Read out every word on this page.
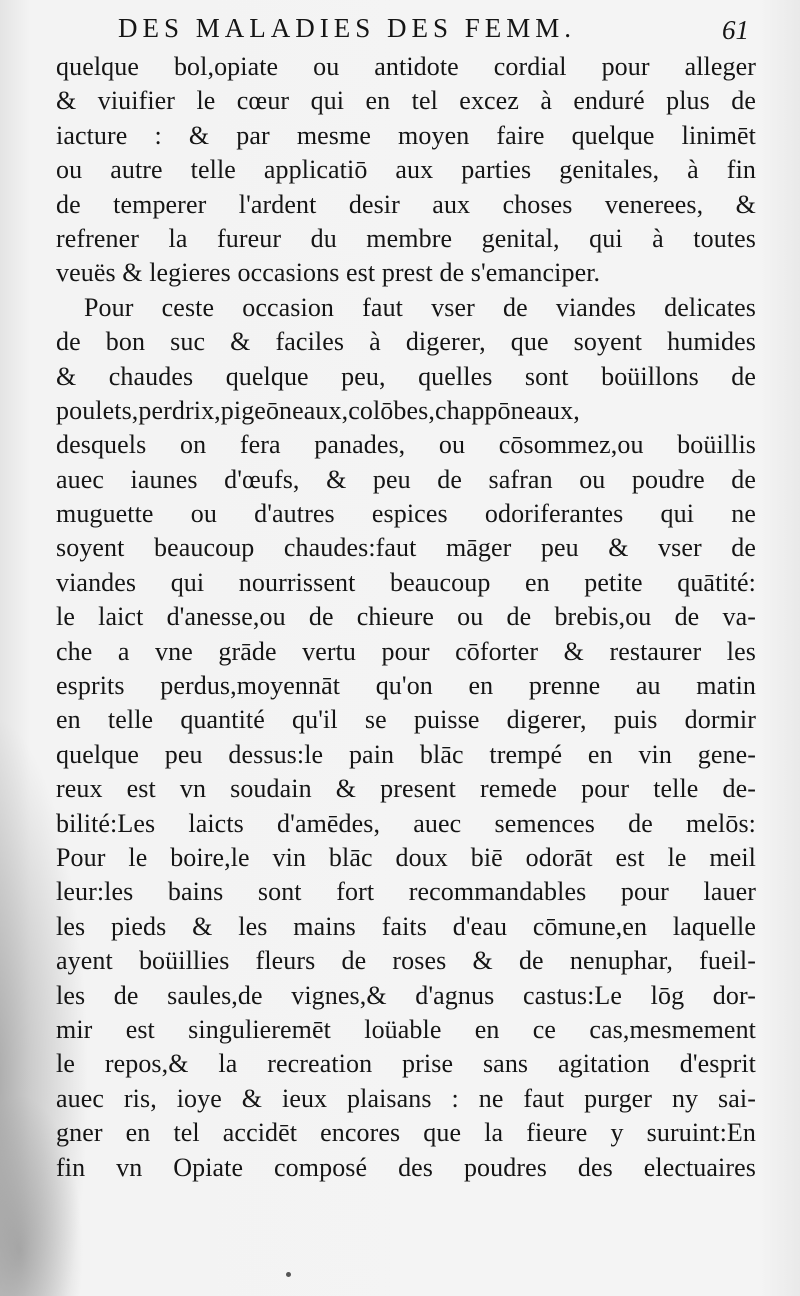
DES MALADIES DES FEMM.	61
quelque bol,opiate ou antidote cordial pour alleger
& viuifier le cœur qui en tel excez à enduré plus de
iacture : & par mesme moyen faire quelque linimēt
ou autre telle applicatiō aux parties genitales, à fin
de temperer l'ardent desir aux choses venerees, &
refrener la fureur du membre genital, qui à toutes
veuës & legieres occasions est prest de s'emanciper.
Pour ceste occasion faut vser de viandes delicates
de bon suc & faciles à digerer, que soyent humides
& chaudes quelque peu, quelles sont boüillons de
poulets,perdrix,pigeōneaux,colōbes,chappōneaux,
desquels on fera panades, ou cōsommez,ou boüillis
auec iaunes d'œufs, & peu de safran ou poudre de
muguette ou d'autres espices odoriferantes qui ne
soyent beaucoup chaudes:faut māger peu & vser de
viandes qui nourrissent beaucoup en petite quātité:
le laict d'anesse,ou de chieure ou de brebis,ou de va-
che a vne grāde vertu pour cōforter & restaurer les
esprits perdus,moyennāt qu'on en prenne au matin
en telle quantité qu'il se puisse digerer, puis dormir
quelque peu dessus:le pain blāc trempé en vin gene-
reux est vn soudain & present remede pour telle de-
bilité:Les laicts d'amēdes, auec semences de melōs:
Pour le boire,le vin blāc doux biē odorāt est le meil
leur:les bains sont fort recommandables pour lauer
les pieds & les mains faits d'eau cōmune,en laquelle
ayent boüillies fleurs de roses & de nenuphar, fueil-
les de saules,de vignes,& d'agnus castus:Le lōg dor-
mir est singulieremēt loüable en ce cas,mesmement
le repos,& la recreation prise sans agitation d'esprit
auec ris, ioye & ieux plaisans : ne faut purger ny sai-
gner en tel accidēt encores que la fieure y suruint:En
fin vn Opiate composé des poudres des electuaires
